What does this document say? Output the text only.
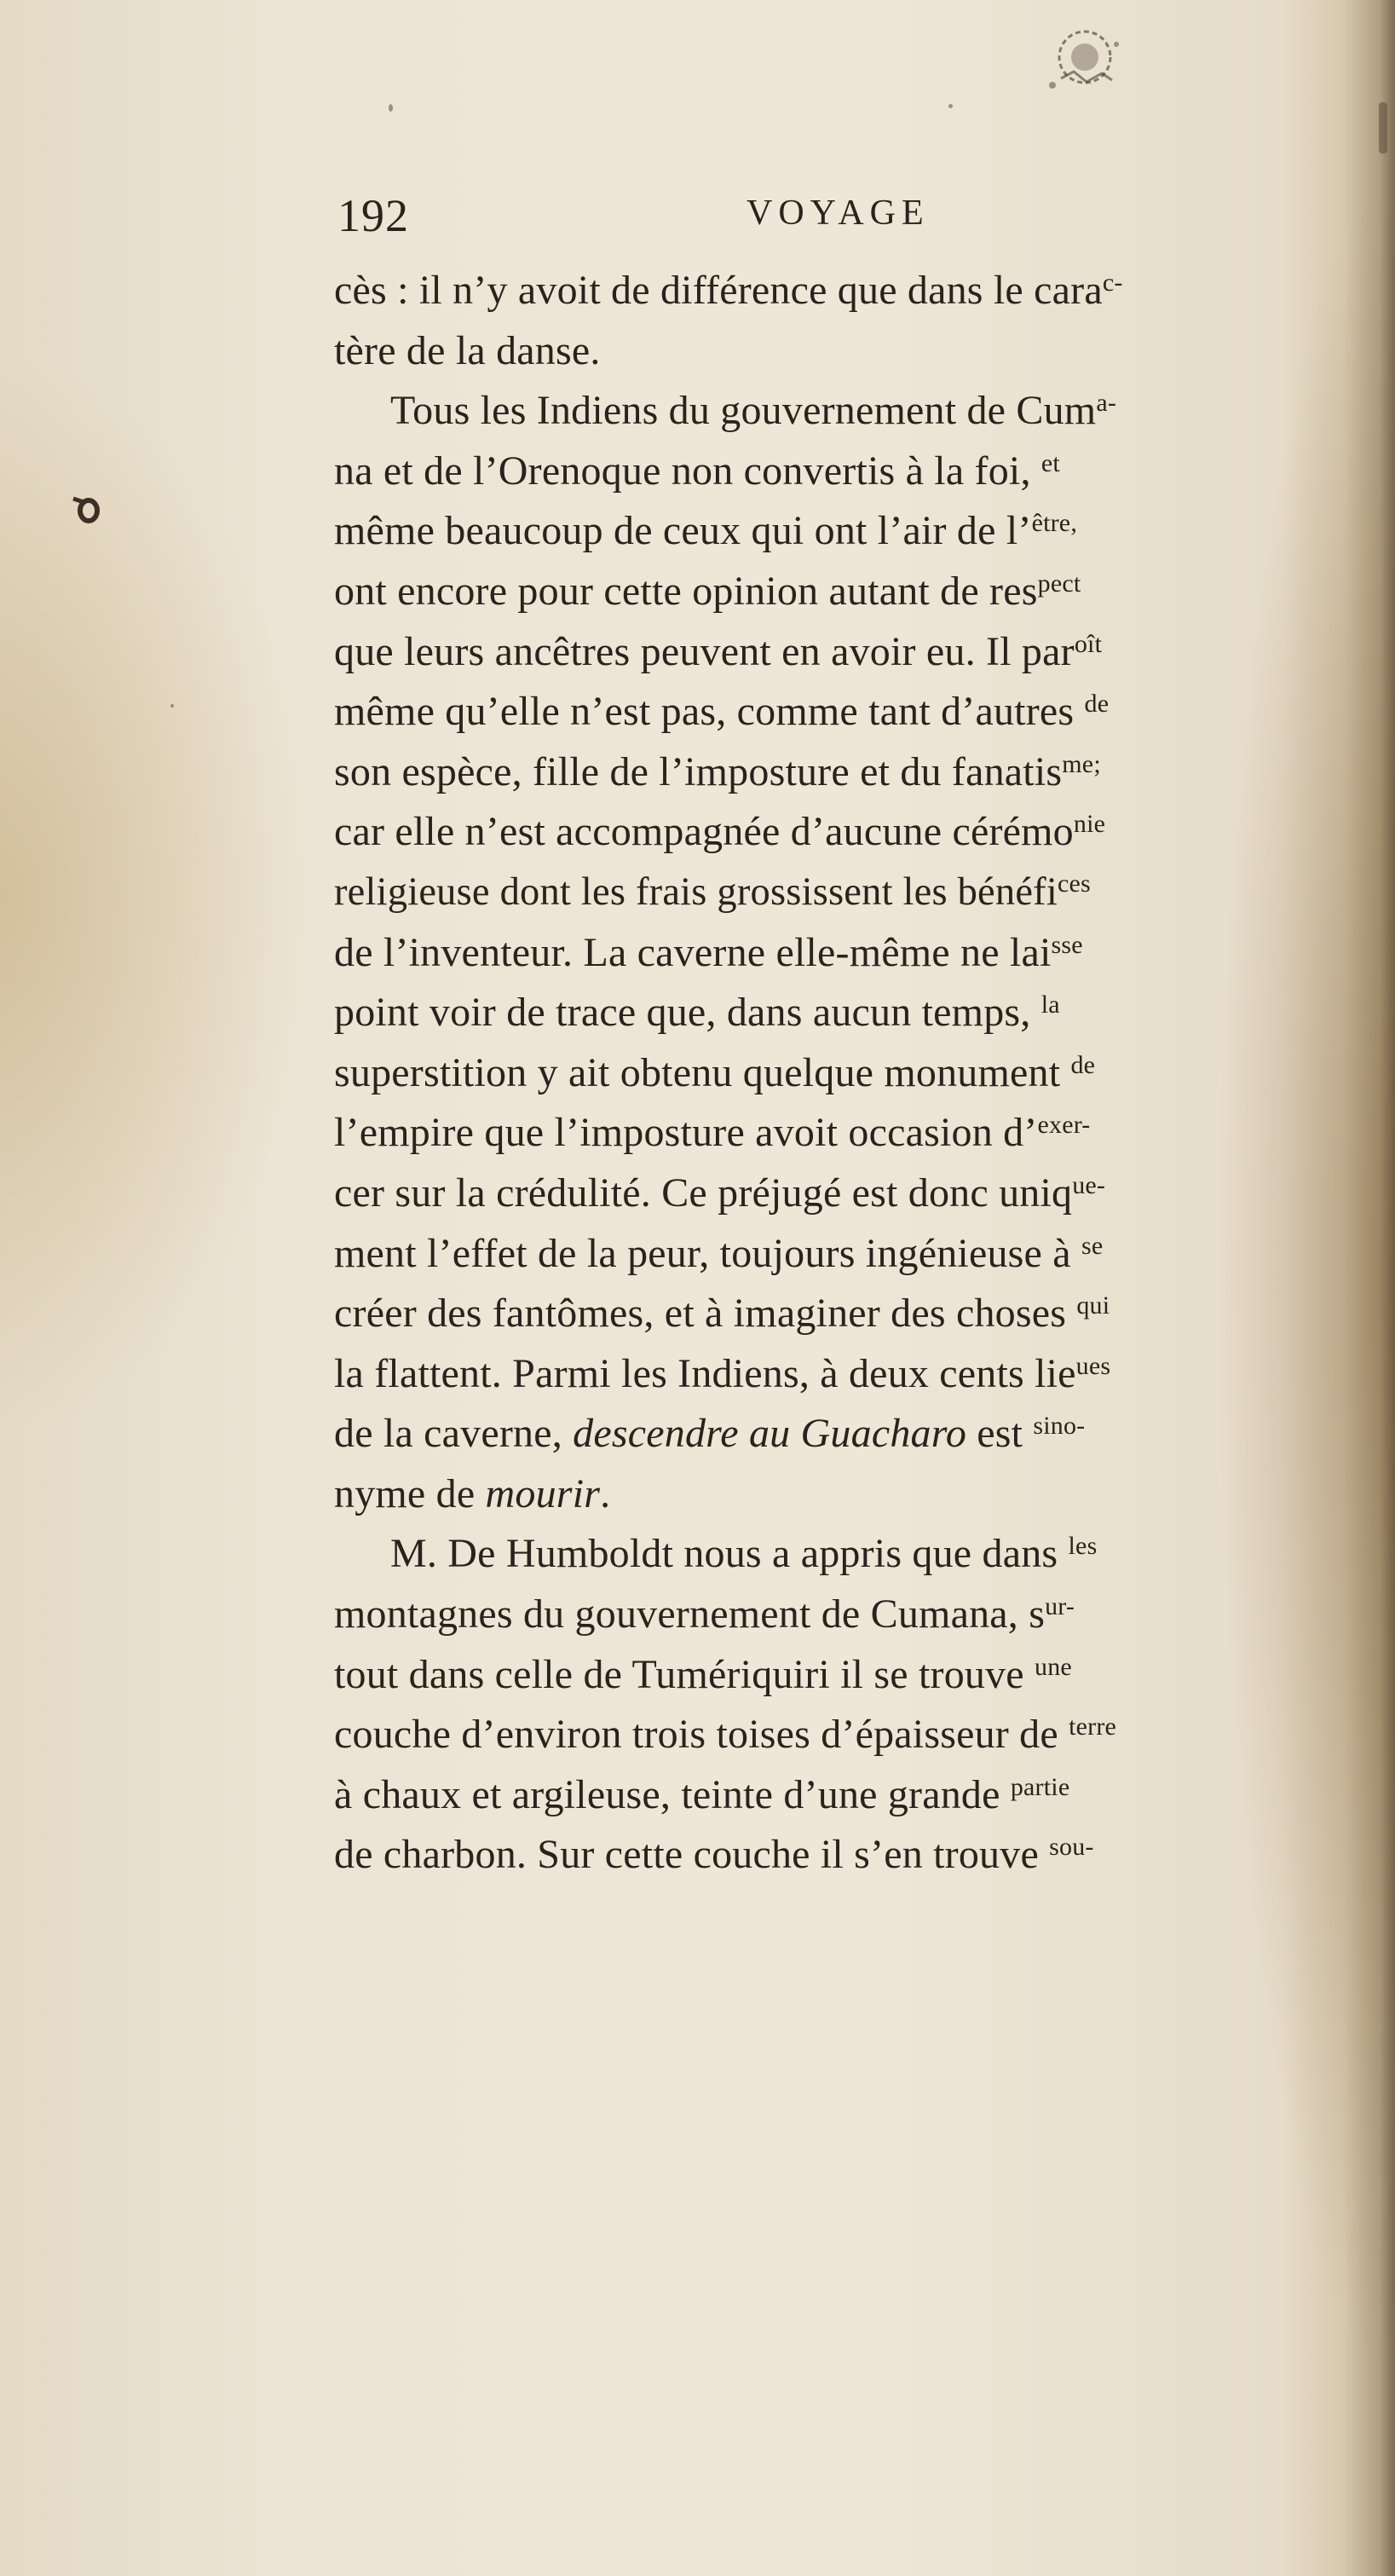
192	VOYAGE
cès : il n’y avoit de différence que dans le cara$^{c-}$
tère de la danse.
Tous les Indiens du gouvernement de Cum$^{a-}$
na et de l’Orenoque non convertis à la foi, $^{et}$
même beaucoup de ceux qui ont l’air de l’$^{être,}$
ont encore pour cette opinion autant de res$^{pect}$
que leurs ancêtres peuvent en avoir eu. Il par$^{oît}$
même qu’elle n’est pas, comme tant d’autres $^{de}$
son espèce, fille de l’imposture et du fanatis$^{me;}$
car elle n’est accompagnée d’aucune cérémo$^{nie}$
religieuse dont les frais grossissent les bénéfi$^{ces}$
de l’inventeur. La caverne elle-même ne lai$^{sse}$
point voir de trace que, dans aucun temps, $^{la}$
superstition y ait obtenu quelque monument $^{de}$
l’empire que l’imposture avoit occasion d’$^{exer-}$
cer sur la crédulité. Ce préjugé est donc uniq$^{ue-}$
ment l’effet de la peur, toujours ingénieuse à $^{se}$
créer des fantômes, et à imaginer des choses $^{qui}$
la flattent. Parmi les Indiens, à deux cents lie$^{ues}$
de la caverne, descendre au Guacharo est $^{sino-}$
nyme de mourir.
M. De Humboldt nous a appris que dans $^{les}$
montagnes du gouvernement de Cumana, $s^{ur-}$
tout dans celle de Tumériquiri il se trouve $^{une}$
couche d’environ trois toises d’épaisseur de $^{terre}$
à chaux et argileuse, teinte d’une grande $^{partie}$
de charbon. Sur cette couche il s’en trouve $^{sou-}$
